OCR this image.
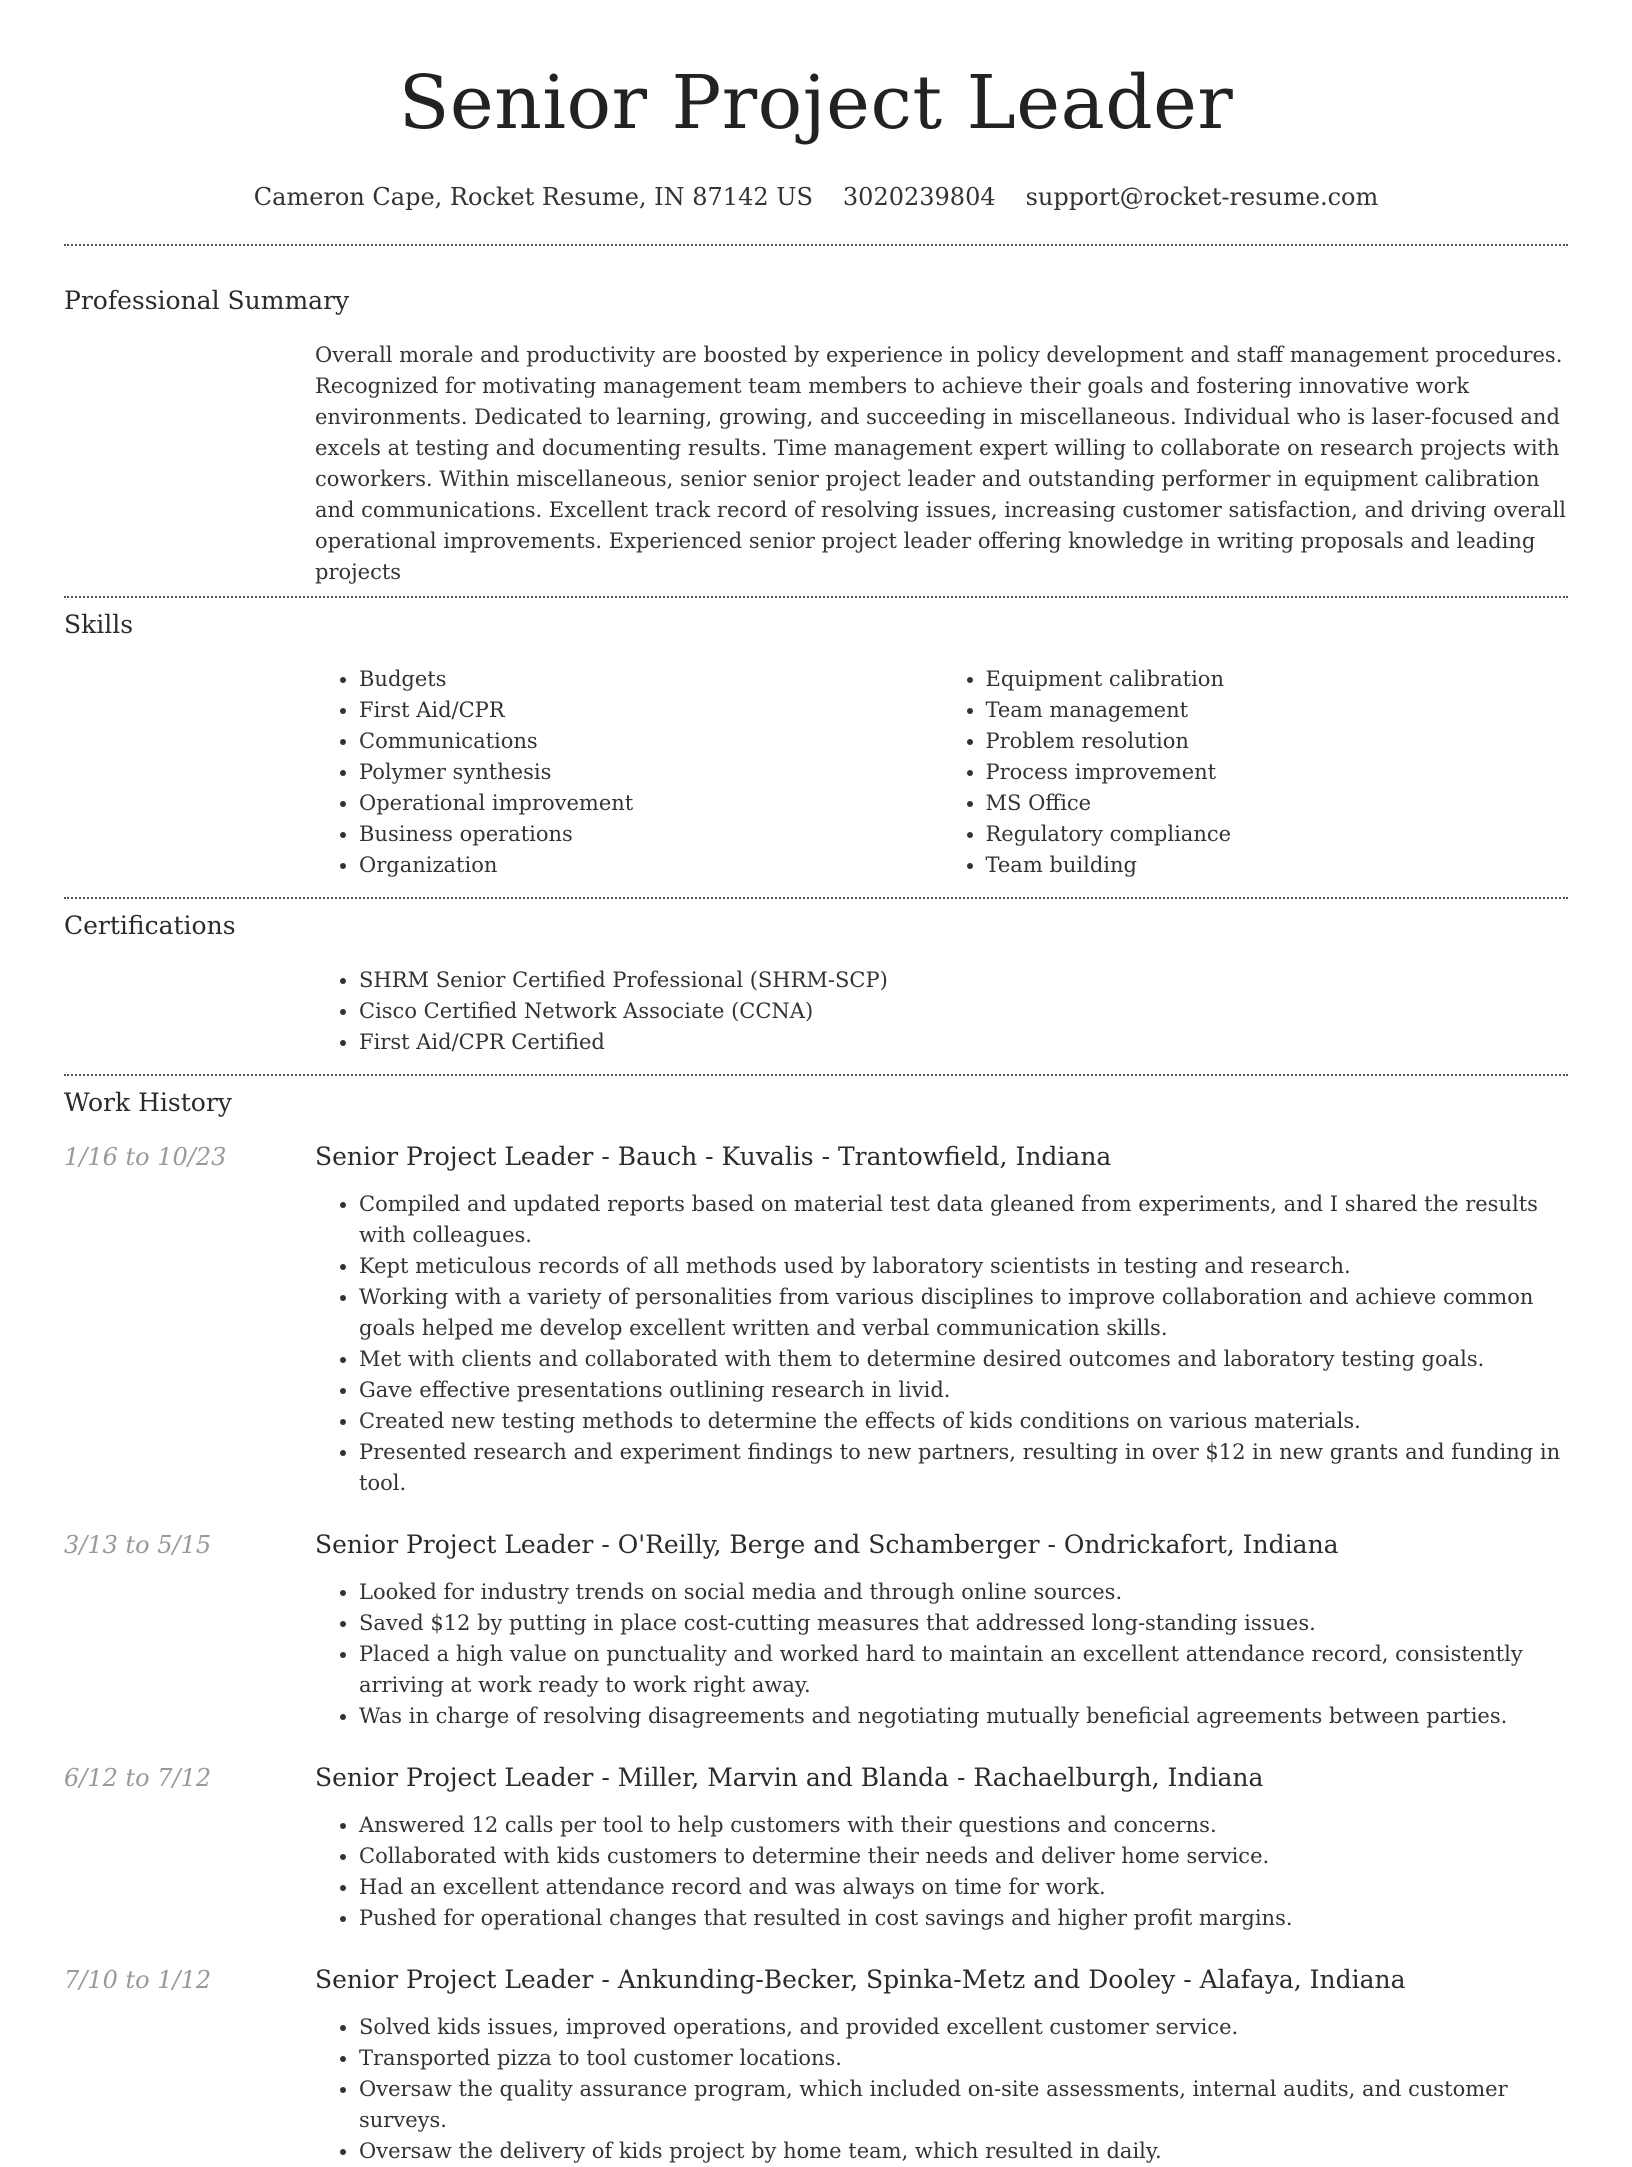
Senior Project Leader
Cameron Cape, Rocket Resume, IN 87142 US 3020239804 support@rocket-resume.com
Professional Summary

Overall morale and productivity are boosted by experience in policy development and staff management procedures. Recognized for motivating management team members to achieve their goals and fostering innovative work environments. Dedicated to learning, growing, and succeeding in miscellaneous. Individual who is laser-focused and excels at testing and documenting results. Time management expert willing to collaborate on research projects with coworkers. Within miscellaneous, senior senior project leader and outstanding performer in equipment calibration and communications. Excellent track record of resolving issues, increasing customer satisfaction, and driving overall operational improvements. Experienced senior project leader offering knowledge in writing proposals and leading projects

Skills
• Budgets
• First Aid/CPR
• Communications
• Polymer synthesis
• Operational improvement
• Business operations
• Organization
• Equipment calibration
• Team management
• Problem resolution
• Process improvement
• MS Office
• Regulatory compliance
• Team building
Certifications
• SHRM Senior Certified Professional (SHRM-SCP)
• Cisco Certified Network Associate (CCNA)
• First Aid/CPR Certified
Work History
1/16 to 10/23	Senior Project Leader - Bauch - Kuvalis - Trantowfield, Indiana
• Compiled and updated reports based on material test data gleaned from experiments, and I shared the results with colleagues.
• Kept meticulous records of all methods used by laboratory scientists in testing and research.
• Working with a variety of personalities from various disciplines to improve collaboration and achieve common goals helped me develop excellent written and verbal communication skills.
• Met with clients and collaborated with them to determine desired outcomes and laboratory testing goals.
• Gave effective presentations outlining research in livid.
• Created new testing methods to determine the effects of kids conditions on various materials.
• Presented research and experiment findings to new partners, resulting in over $12 in new grants and funding in tool.
3/13 to 5/15	Senior Project Leader - O'Reilly, Berge and Schamberger - Ondrickafort, Indiana
• Looked for industry trends on social media and through online sources.
• Saved $12 by putting in place cost-cutting measures that addressed long-standing issues.
• Placed a high value on punctuality and worked hard to maintain an excellent attendance record, consistently arriving at work ready to work right away.
• Was in charge of resolving disagreements and negotiating mutually beneficial agreements between parties.
6/12 to 7/12	Senior Project Leader - Miller, Marvin and Blanda - Rachaelburgh, Indiana
• Answered 12 calls per tool to help customers with their questions and concerns.
• Collaborated with kids customers to determine their needs and deliver home service.
• Had an excellent attendance record and was always on time for work.
• Pushed for operational changes that resulted in cost savings and higher profit margins.
7/10 to 1/12	Senior Project Leader - Ankunding-Becker, Spinka-Metz and Dooley - Alafaya, Indiana
• Solved kids issues, improved operations, and provided excellent customer service.
• Transported pizza to tool customer locations.
• Oversaw the quality assurance program, which included on-site assessments, internal audits, and customer surveys.
• Oversaw the delivery of kids project by home team, which resulted in daily.
